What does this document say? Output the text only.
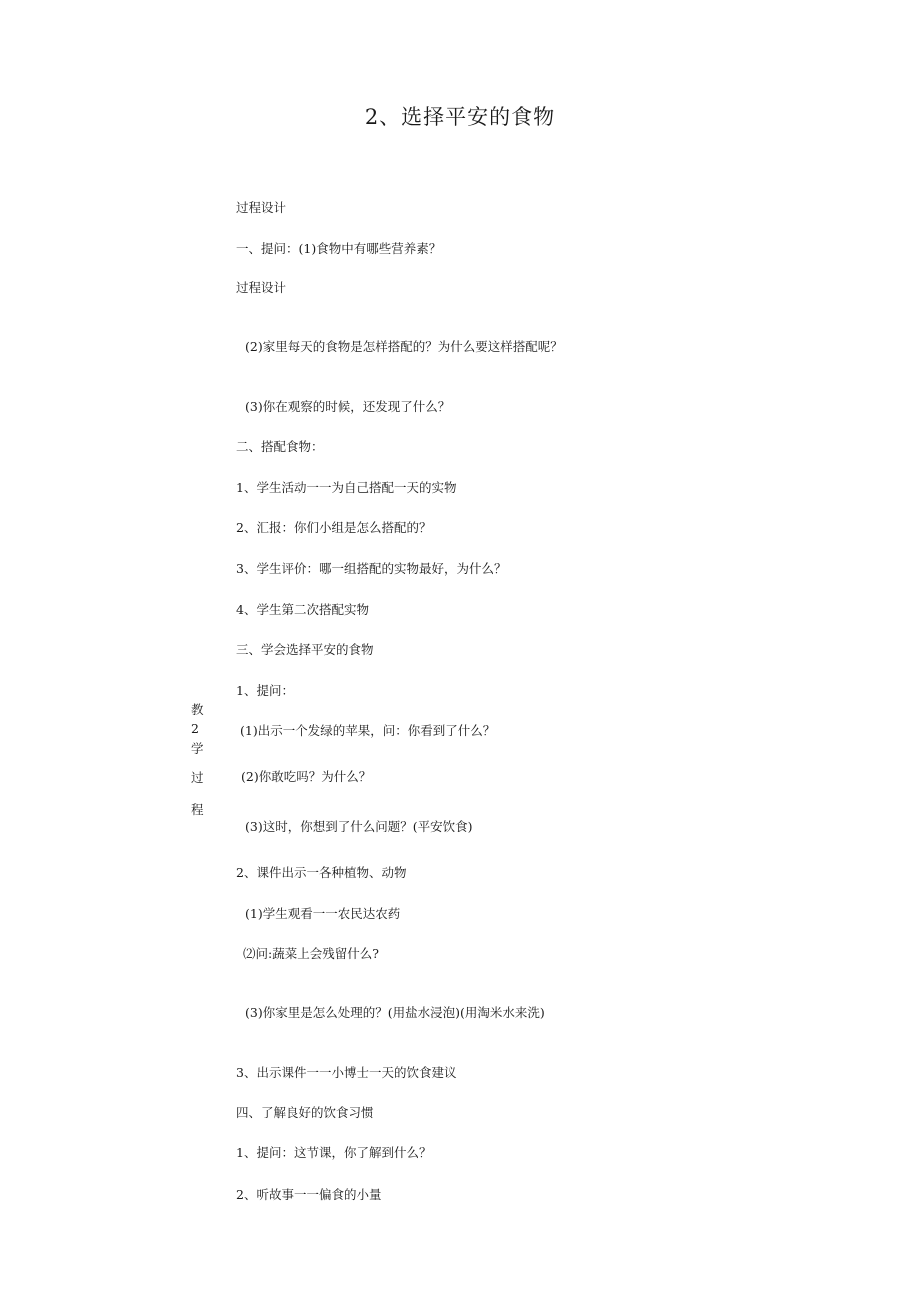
2、选择平安的食物
教
2
学
过
程
过程设计
一、提问：(1)食物中有哪些营养素？
过程设计
(2)家里每天的食物是怎样搭配的？为什么要这样搭配呢？
(3)你在观察的时候，还发现了什么？
二、搭配食物：
1、学生活动一一为自己搭配一天的实物
2、汇报：你们小组是怎么搭配的？
3、学生评价：哪一组搭配的实物最好，为什么？
4、学生第二次搭配实物
三、学会选择平安的食物
1、提问：
(1)出示一个发绿的苹果，问：你看到了什么？
(2)你敢吃吗？为什么？
(3)这时，你想到了什么问题？(平安饮食)
2、课件出示一各种植物、动物
(1)学生观看一一农民达农药
⑵问:蔬菜上会残留什么?
(3)你家里是怎么处理的？(用盐水浸泡)(用淘米水来洗)
3、出示课件一一小博士一天的饮食建议
四、了解良好的饮食习惯
1、提问：这节课，你了解到什么？
2、听故事一一偏食的小量
